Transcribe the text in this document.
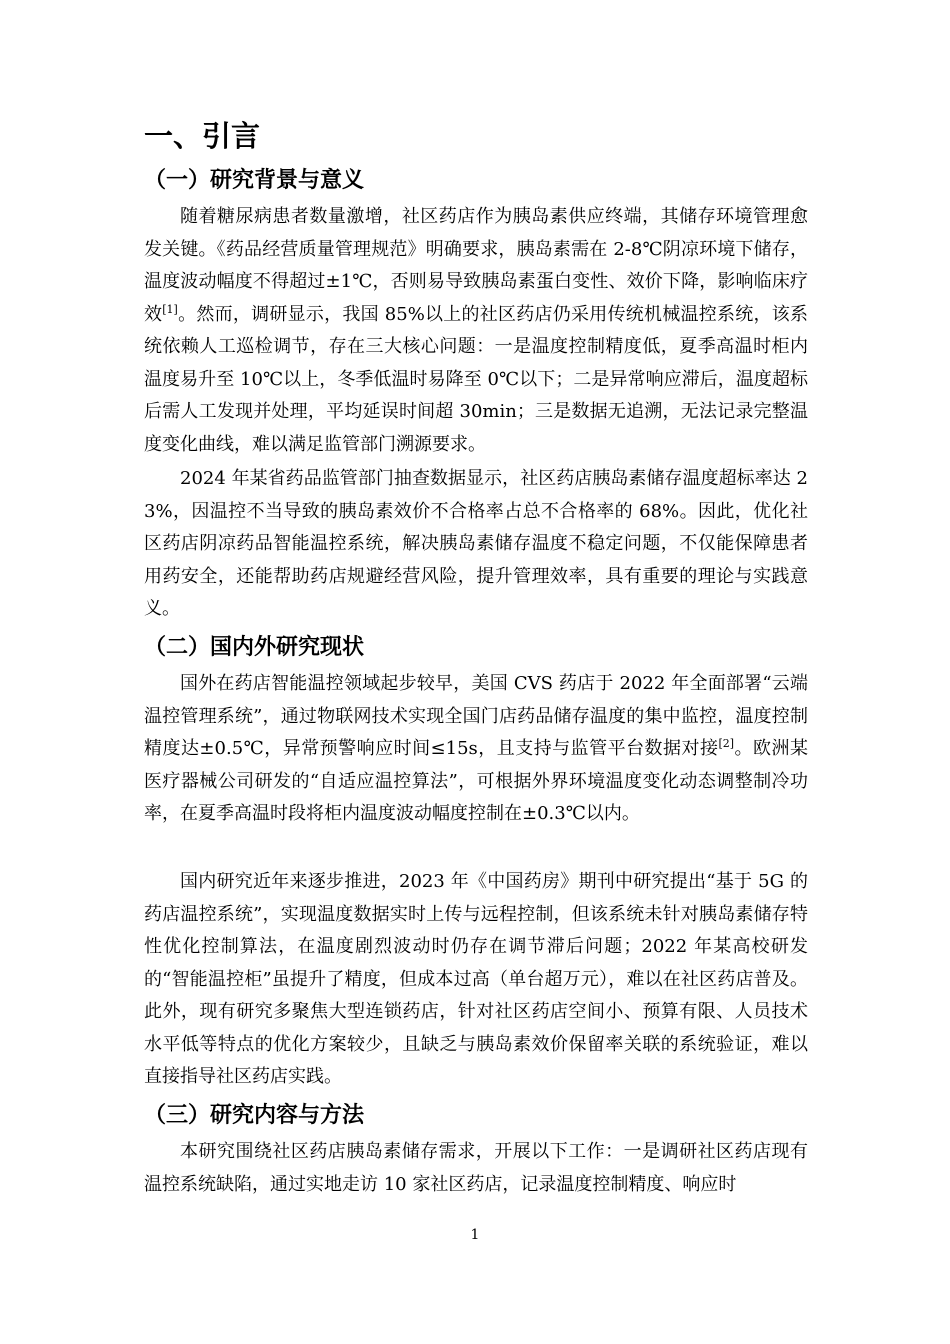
一、引言
（一）研究背景与意义

随着糖尿病患者数量激增，社区药店作为胰岛素供应终端，其储存环境管理愈发关键。《药品经营质量管理规范》明确要求，胰岛素需在 2-8℃阴凉环境下储存，温度波动幅度不得超过±1℃，否则易导致胰岛素蛋白变性、效价下降，影响临床疗效[1]。然而，调研显示，我国 85%以上的社区药店仍采用传统机械温控系统，该系统依赖人工巡检调节，存在三大核心问题：一是温度控制精度低，夏季高温时柜内温度易升至 10℃以上，冬季低温时易降至 0℃以下；二是异常响应滞后，温度超标后需人工发现并处理，平均延误时间超 30min；三是数据无追溯，无法记录完整温度变化曲线，难以满足监管部门溯源要求。

2024 年某省药品监管部门抽查数据显示，社区药店胰岛素储存温度超标率达 23%，因温控不当导致的胰岛素效价不合格率占总不合格率的 68%。因此，优化社区药店阴凉药品智能温控系统，解决胰岛素储存温度不稳定问题，不仅能保障患者用药安全，还能帮助药店规避经营风险，提升管理效率，具有重要的理论与实践意义。

（二）国内外研究现状

国外在药店智能温控领域起步较早，美国 CVS 药店于 2022 年全面部署“云端温控管理系统”，通过物联网技术实现全国门店药品储存温度的集中监控，温度控制精度达±0.5℃，异常预警响应时间≤15s，且支持与监管平台数据对接[2]。欧洲某医疗器械公司研发的“自适应温控算法”，可根据外界环境温度变化动态调整制冷功率，在夏季高温时段将柜内温度波动幅度控制在±0.3℃以内。

国内研究近年来逐步推进，2023 年《中国药房》期刊中研究提出“基于 5G 的药店温控系统”，实现温度数据实时上传与远程控制，但该系统未针对胰岛素储存特性优化控制算法，在温度剧烈波动时仍存在调节滞后问题；2022 年某高校研发的“智能温控柜”虽提升了精度，但成本过高（单台超万元），难以在社区药店普及。此外，现有研究多聚焦大型连锁药店，针对社区药店空间小、预算有限、人员技术水平低等特点的优化方案较少，且缺乏与胰岛素效价保留率关联的系统验证，难以直接指导社区药店实践。

（三）研究内容与方法

本研究围绕社区药店胰岛素储存需求，开展以下工作：一是调研社区药店现有温控系统缺陷，通过实地走访 10 家社区药店，记录温度控制精度、响应时

1
